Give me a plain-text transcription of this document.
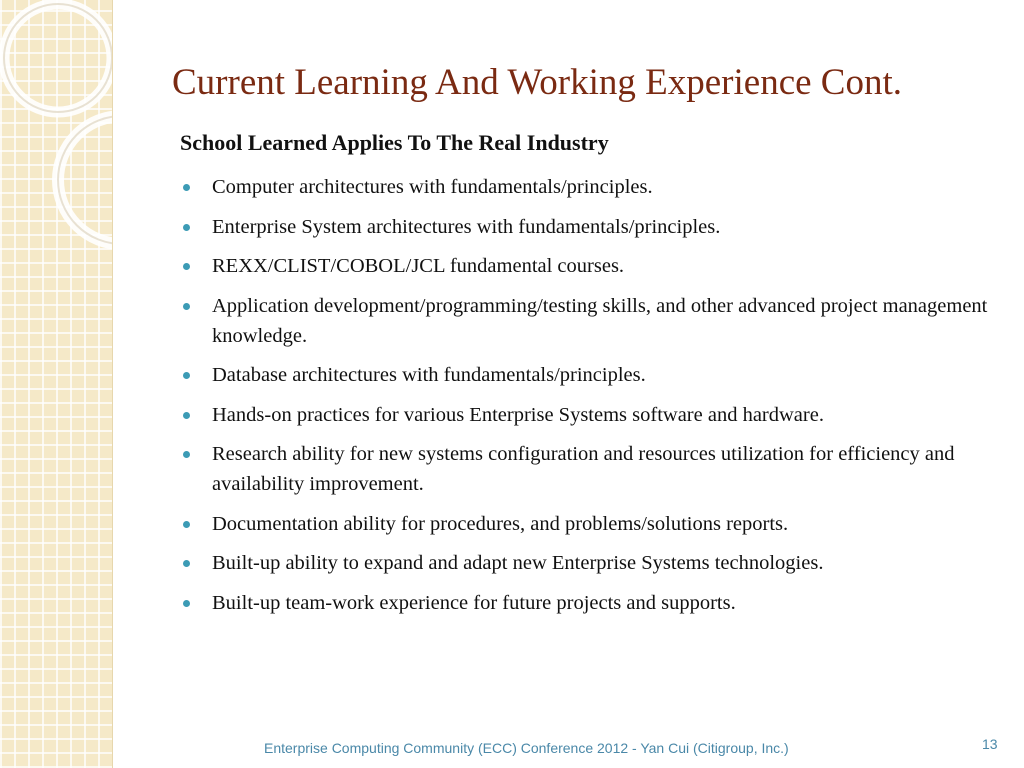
Current Learning And Working Experience Cont.
School Learned Applies To The Real Industry
Computer architectures with fundamentals/principles.
Enterprise System architectures with fundamentals/principles.
REXX/CLIST/COBOL/JCL fundamental courses.
Application development/programming/testing skills, and other advanced project management knowledge.
Database architectures with fundamentals/principles.
Hands-on practices for various Enterprise Systems software and hardware.
Research ability for new systems configuration and resources utilization for efficiency and availability improvement.
Documentation ability for procedures, and problems/solutions reports.
Built-up ability to expand and adapt new Enterprise Systems technologies.
Built-up team-work experience for future projects and supports.
Enterprise Computing Community (ECC) Conference 2012 - Yan Cui (Citigroup, Inc.)	13
